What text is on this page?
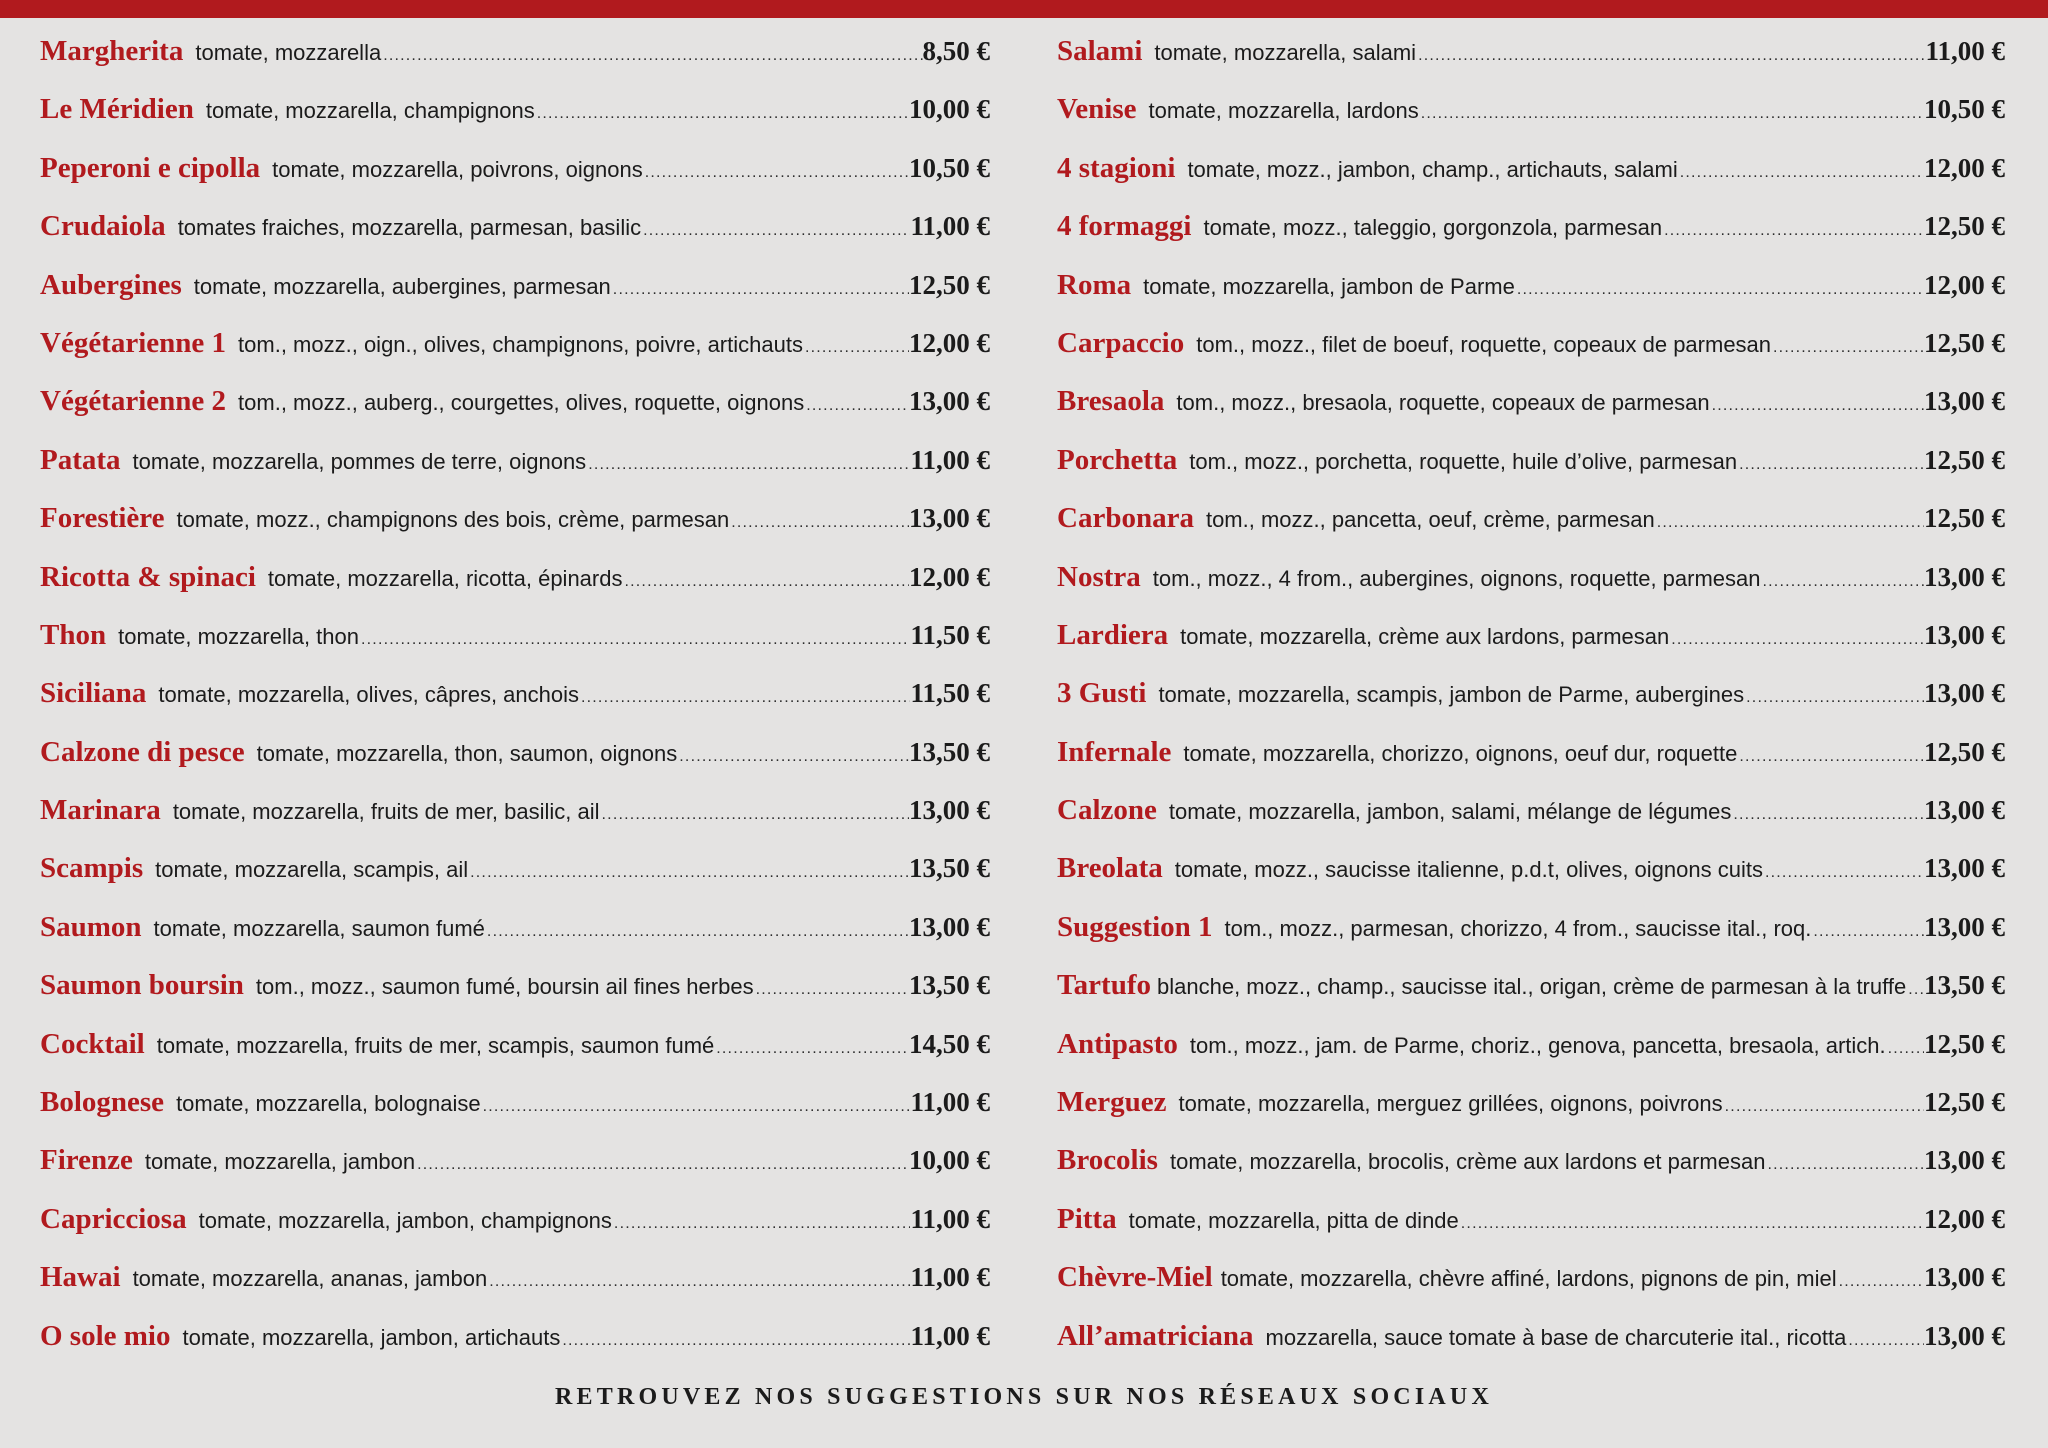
Margherita tomate, mozzarella .....	8,50 €
Le Méridien tomate, mozzarella, champignons .....	10,00 €
Peperoni e cipolla tomate, mozzarella, poivrons, oignons .....	10,50 €
Crudaiola tomates fraiches, mozzarella, parmesan, basilic .....	11,00 €
Aubergines tomate, mozzarella, aubergines, parmesan .....	12,50 €
Végétarienne 1 tom., mozz., oign., olives, champignons, poivre, artichauts .....	12,00 €
Végétarienne 2 tom., mozz., auberg., courgettes, olives, roquette, oignons .....	13,00 €
Patata tomate, mozzarella, pommes de terre, oignons .....	11,00 €
Forestière tomate, mozz., champignons des bois, crème, parmesan .....	13,00 €
Ricotta & spinaci tomate, mozzarella, ricotta, épinards .....	12,00 €
Thon tomate, mozzarella, thon .....	11,50 €
Siciliana tomate, mozzarella, olives, câpres, anchois .....	11,50 €
Calzone di pesce tomate, mozzarella, thon, saumon, oignons .....	13,50 €
Marinara tomate, mozzarella, fruits de mer, basilic, ail .....	13,00 €
Scampis tomate, mozzarella, scampis, ail .....	13,50 €
Saumon tomate, mozzarella, saumon fumé .....	13,00 €
Saumon boursin tom., mozz., saumon fumé, boursin ail fines herbes .....	13,50 €
Cocktail tomate, mozzarella, fruits de mer, scampis, saumon fumé .....	14,50 €
Bolognese tomate, mozzarella, bolognaise .....	11,00 €
Firenze tomate, mozzarella, jambon .....	10,00 €
Capricciosa tomate, mozzarella, jambon, champignons .....	11,00 €
Hawai tomate, mozzarella, ananas, jambon .....	11,00 €
O sole mio tomate, mozzarella, jambon, artichauts .....	11,00 €
Salami tomate, mozzarella, salami .....	11,00 €
Venise tomate, mozzarella, lardons .....	10,50 €
4 stagioni tomate, mozz., jambon, champ., artichauts, salami .....	12,00 €
4 formaggi tomate, mozz., taleggio, gorgonzola, parmesan .....	12,50 €
Roma tomate, mozzarella, jambon de Parme .....	12,00 €
Carpaccio tom., mozz., filet de boeuf, roquette, copeaux de parmesan .....	12,50 €
Bresaola tom., mozz., bresaola, roquette, copeaux de parmesan .....	13,00 €
Porchetta tom., mozz., porchetta, roquette, huile d’olive, parmesan .....	12,50 €
Carbonara tom., mozz., pancetta, oeuf, crème, parmesan .....	12,50 €
Nostra tom., mozz., 4 from., aubergines, oignons, roquette, parmesan .....	13,00 €
Lardiera tomate, mozzarella, crème aux lardons, parmesan .....	13,00 €
3 Gusti tomate, mozzarella, scampis, jambon de Parme, aubergines .....	13,00 €
Infernale tomate, mozzarella, chorizzo, oignons, oeuf dur, roquette .....	12,50 €
Calzone tomate, mozzarella, jambon, salami, mélange de légumes .....	13,00 €
Breolata tomate, mozz., saucisse italienne, p.d.t, olives, oignons cuits .....	13,00 €
Suggestion 1 tom., mozz., parmesan, chorizzo, 4 from., saucisse ital., roq. .....	13,00 €
Tartufo blanche, mozz., champ., saucisse ital., origan, crème de parmesan à la truffe ..... 13,50 €
Antipasto tom., mozz., jam. de Parme, choriz., genova, pancetta, bresaola, artich. ..... 12,50 €
Merguez tomate, mozzarella, merguez grillées, oignons, poivrons .....	12,50 €
Brocolis tomate, mozzarella, brocolis, crème aux lardons et parmesan .....	13,00 €
Pitta tomate, mozzarella, pitta de dinde .....	12,00 €
Chèvre-Miel tomate, mozzarella, chèvre affiné, lardons, pignons de pin, miel .....	13,00 €
All’amatriciana mozzarella, sauce tomate à base de charcuterie ital., ricotta .....	13,00 €
RETROUVEZ NOS SUGGESTIONS SUR NOS RÉSEAUX SOCIAUX
